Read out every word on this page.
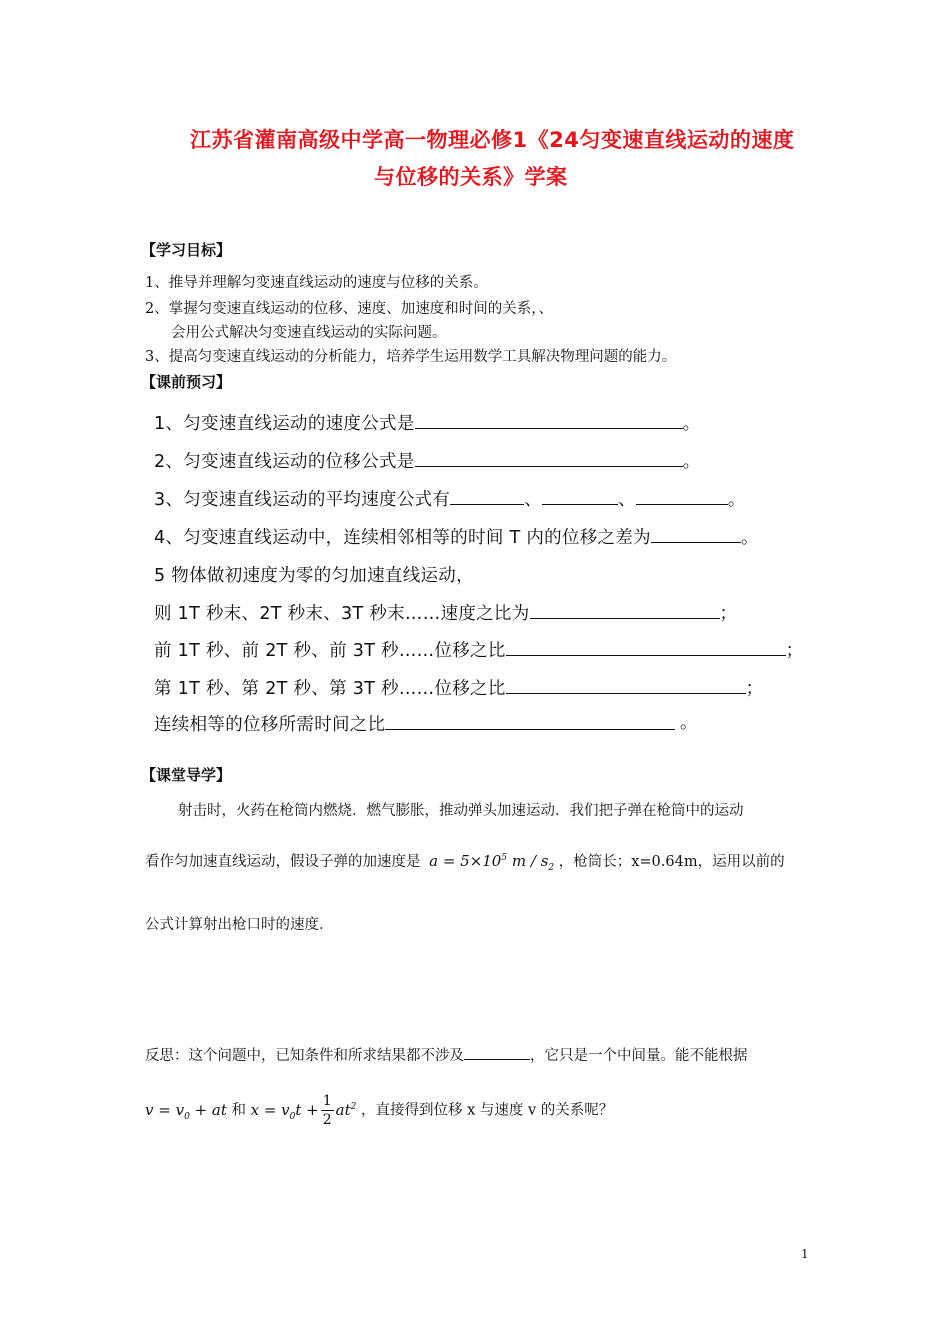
江苏省灌南高级中学高一物理必修1《24匀变速直线运动的速度
与位移的关系》学案
【学习目标】
1、推导并理解匀变速直线运动的速度与位移的关系。
2、掌握匀变速直线运动的位移、速度、加速度和时间的关系，、
会用公式解决匀变速直线运动的实际问题。
3、提高匀变速直线运动的分析能力，培养学生运用数学工具解决物理问题的能力。
【课前预习】
1、匀变速直线运动的速度公式是	。
2、匀变速直线运动的位移公式是	。
3、匀变速直线运动的平均速度公式有	、	、	。
4、匀变速直线运动中，连续相邻相等的时间 T 内的位移之差为	。
5 物体做初速度为零的匀加速直线运动，
则 1T 秒末、2T 秒末、3T 秒末……速度之比为	；
前 1T 秒、前 2T 秒、前 3T 秒……位移之比	；
第 1T 秒、第 2T 秒、第 3T 秒……位移之比	；
连续相等的位移所需时间之比	。
【课堂导学】
射击时，火药在枪筒内燃烧．燃气膨胀，推动弹头加速运动．我们把子弹在枪筒中的运动
看作匀加速直线运动，假设子弹的加速度是 $a = 5\times 10^5$ m / $s_2$ ，枪筒长；x=0.64m，运用以前的
公式计算射出枪口时的速度．
反思：这个问题中，已知条件和所求结果都不涉及	，它只是一个中间量。能不能根据
$v = v_0$ + at 和 $x = v_0t + \frac{1}{2} at^2$ ，直接得到位移 x 与速度 v 的关系呢？
1
